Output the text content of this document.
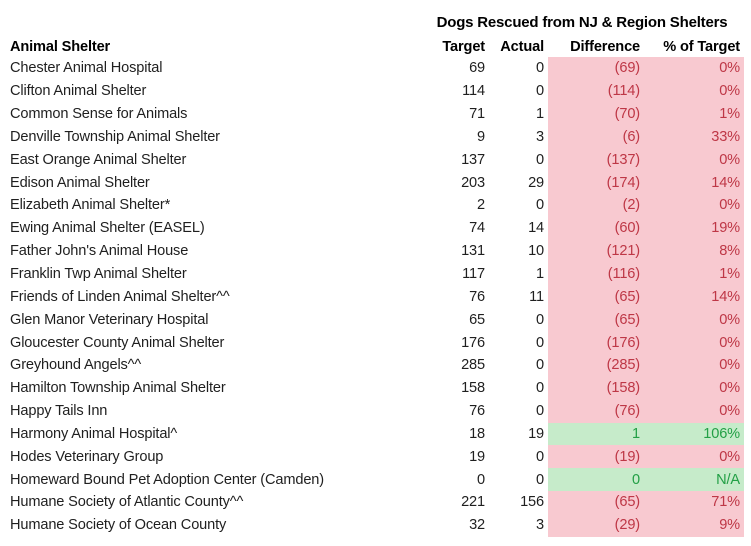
Dogs Rescued from NJ & Region Shelters
Animal Shelter	Target	Actual	Difference	% of Target
Chester Animal Hospital	69	0	(69)	0%
Clifton Animal Shelter	114	0	(114)	0%
Common Sense for Animals	71	1	(70)	1%
Denville Township Animal Shelter	9	3	(6)	33%
East Orange Animal Shelter	137	0	(137)	0%
Edison Animal Shelter	203	29	(174)	14%
Elizabeth Animal Shelter*	2	0	(2)	0%
Ewing Animal Shelter (EASEL)	74	14	(60)	19%
Father John's Animal House	131	10	(121)	8%
Franklin Twp Animal Shelter	117	1	(116)	1%
Friends of Linden Animal Shelter^^	76	11	(65)	14%
Glen Manor Veterinary Hospital	65	0	(65)	0%
Gloucester County Animal Shelter	176	0	(176)	0%
Greyhound Angels^^	285	0	(285)	0%
Hamilton Township Animal Shelter	158	0	(158)	0%
Happy Tails Inn	76	0	(76)	0%
Harmony Animal Hospital^	18	19	1	106%
Hodes Veterinary Group	19	0	(19)	0%
Homeward Bound Pet Adoption Center (Camden)	0	0	0	N/A
Humane Society of Atlantic County^^	221	156	(65)	71%
Humane Society of Ocean County	32	3	(29)	9%
